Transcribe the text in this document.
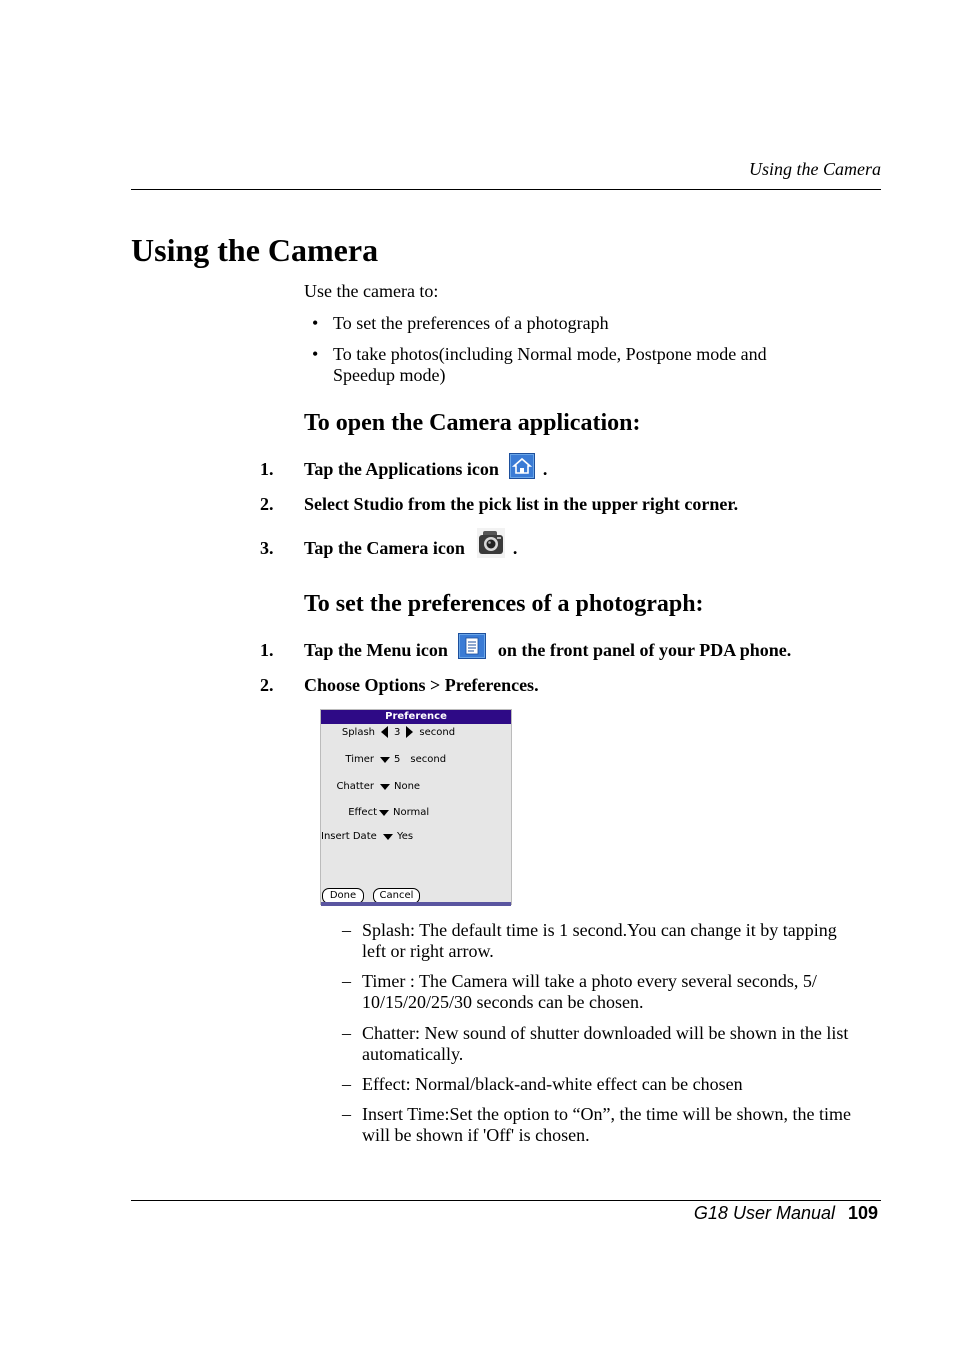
Using the Camera
Using the Camera
Use the camera to:
• To set the preferences of a photograph
• To take photos(including Normal mode, Postpone mode and Speedup mode)
To open the Camera application:
1.	Tap the Applications icon .
2.	Select Studio from the pick list in the upper right corner.
3.	Tap the Camera icon	.
To set the preferences of a photograph:
1.	Tap the Menu icon	on the front panel of your PDA phone.
2.	Choose Options > Preferences.
Preference
Splash 3 second
Timer 5 second
Chatter None
Effect Normal
Insert Date Yes
Done	Cancel
– Splash: The default time is 1 second.You can change it by tapping left or right arrow.
– Timer : The Camera will take a photo every several seconds, 5/ 10/15/20/25/30 seconds can be chosen.
– Chatter: New sound of shutter downloaded will be shown in the list automatically.
– Effect: Normal/black-and-white effect can be chosen
– Insert Time:Set the option to “On”, the time will be shown, the time will be shown if 'Off' is chosen.
G18 User Manual 109
